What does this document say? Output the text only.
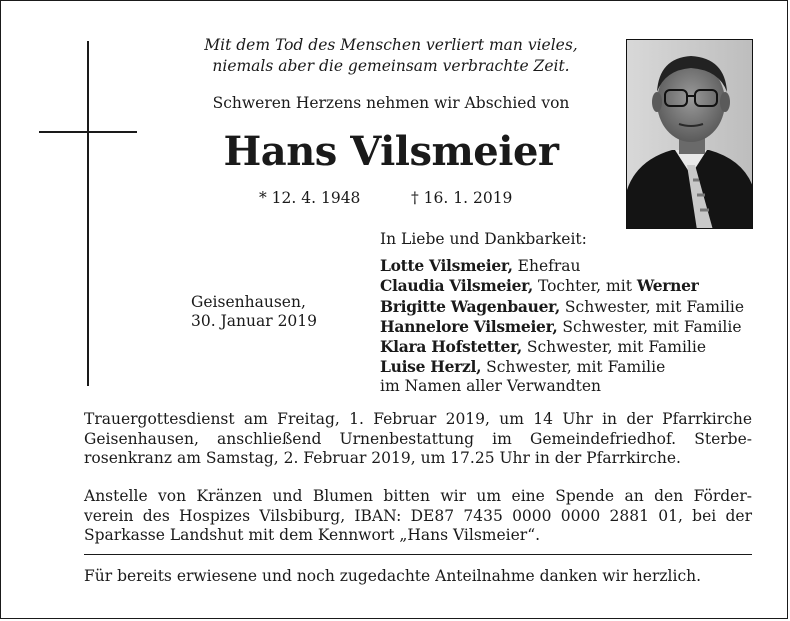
Mit dem Tod des Menschen verliert man vieles,
niemals aber die gemeinsam verbrachte Zeit.
Schweren Herzens nehmen wir Abschied von
Hans Vilsmeier
* 12. 4. 1948	† 16. 1. 2019
Geisenhausen,
30. Januar 2019
In Liebe und Dankbarkeit:
Lotte Vilsmeier, Ehefrau
Claudia Vilsmeier, Tochter, mit Werner
Brigitte Wagenbauer, Schwester, mit Familie
Hannelore Vilsmeier, Schwester, mit Familie
Klara Hofstetter, Schwester, mit Familie
Luise Herzl, Schwester, mit Familie
im Namen aller Verwandten
Trauergottesdienst am Freitag, 1. Februar 2019, um 14 Uhr in der Pfarrkirche
Geisenhausen, anschließend Urnenbestattung im Gemeindefriedhof. Sterbe-
rosenkranz am Samstag, 2. Februar 2019, um 17.25 Uhr in der Pfarrkirche.
Anstelle von Kränzen und Blumen bitten wir um eine Spende an den Förder-
verein des Hospizes Vilsbiburg, IBAN: DE87 7435 0000 0000 2881 01, bei der
Sparkasse Landshut mit dem Kennwort „Hans Vilsmeier“.
Für bereits erwiesene und noch zugedachte Anteilnahme danken wir herzlich.
